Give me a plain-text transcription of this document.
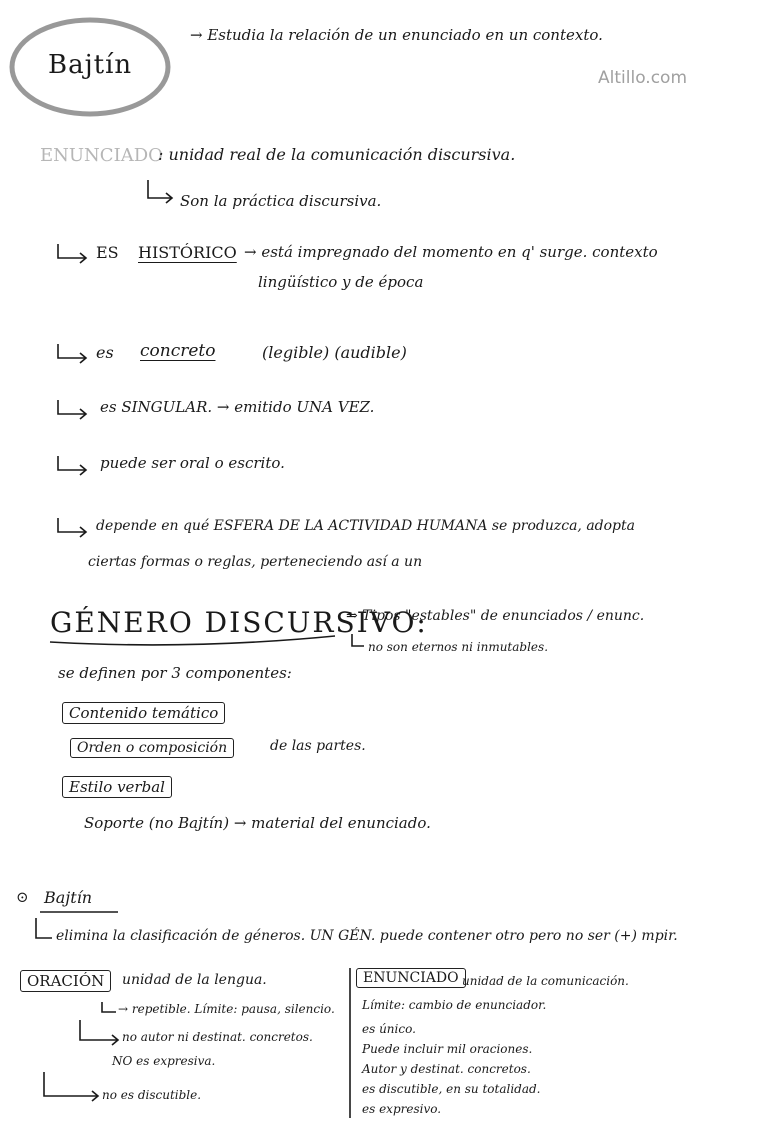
Altillo.com
Bajtín
→ Estudia la relación de un enunciado en un contexto.
ENUNCIADO
: unidad real de la comunicación discursiva.
Son la práctica discursiva.
ES HISTÓRICO → está impregnado del momento en q' surge. contexto
lingüístico y de época
es concreto	(legible) (audible)
es SINGULAR. → emitido UNA VEZ.
puede ser oral o escrito.
depende en qué ESFERA DE LA ACTIVIDAD HUMANA se produzca, adopta
ciertas formas o reglas, perteneciendo así a un
GÉNERO DISCURSIVO:
⇒ Tipos "estables" de enunciados / enunc.
no son eternos ni inmutables.
se definen por 3 componentes:
Contenido temático
Orden o composición	de las partes.
Estilo verbal
Soporte (no Bajtín) → material del enunciado.
⊙ Bajtín
elimina la clasificación de géneros. UN GÉN. puede contener otro pero no ser (+) mpir.
ORACIÓN	unidad de la lengua.
→ repetible. Límite: pausa, silencio.
no autor ni destinat. concretos.
NO es expresiva.
no es discutible.
ENUNCIADO unidad de la comunicación.
Límite: cambio de enunciador.
es único.
Puede incluir mil oraciones.
Autor y destinat. concretos.
es discutible, en su totalidad.
es expresivo.
